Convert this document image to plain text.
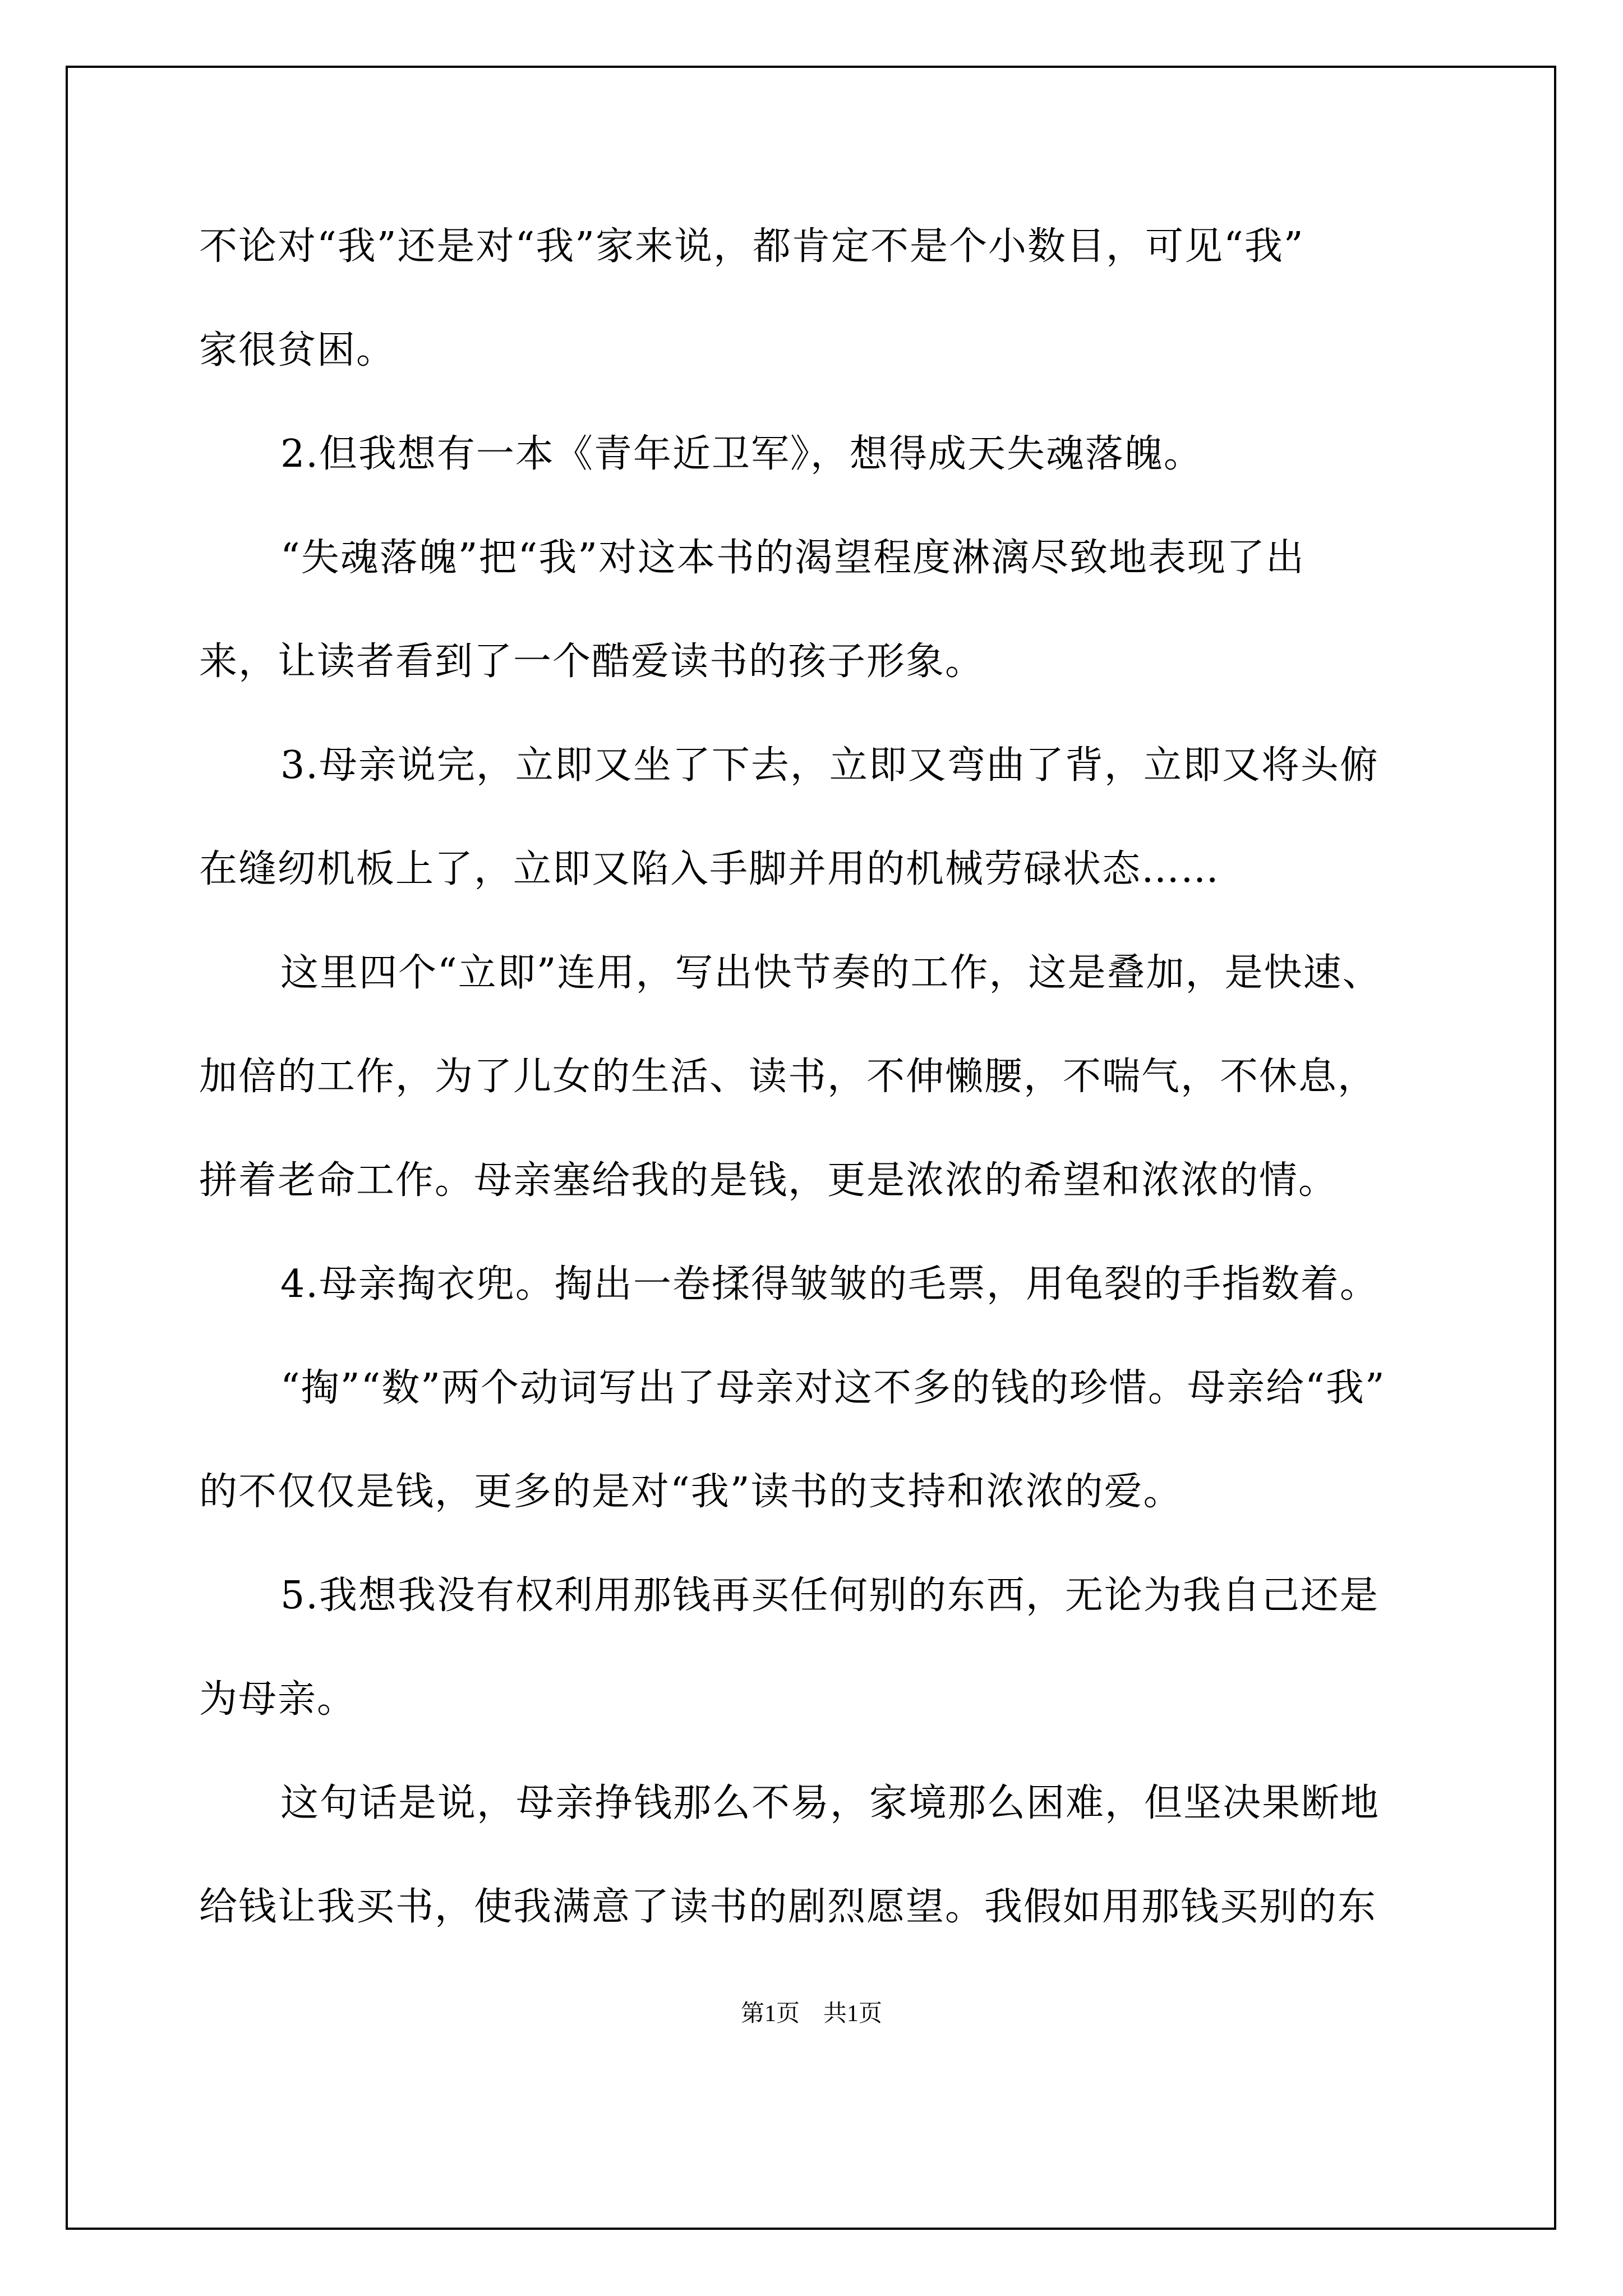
不论对“我”还是对“我”家来说，都肯定不是个小数目，可见“我”
家很贫困。
2.但我想有一本《青年近卫军》，想得成天失魂落魄。
“失魂落魄”把“我”对这本书的渴望程度淋漓尽致地表现了出
来，让读者看到了一个酷爱读书的孩子形象。
3.母亲说完，立即又坐了下去，立即又弯曲了背，立即又将头俯
在缝纫机板上了，立即又陷入手脚并用的机械劳碌状态……
这里四个“立即”连用，写出快节奏的工作，这是叠加，是快速、
加倍的工作，为了儿女的生活、读书，不伸懒腰，不喘气，不休息，
拼着老命工作。母亲塞给我的是钱，更是浓浓的希望和浓浓的情。
4.母亲掏衣兜。掏出一卷揉得皱皱的毛票，用龟裂的手指数着。
“掏”“数”两个动词写出了母亲对这不多的钱的珍惜。母亲给“我”
的不仅仅是钱，更多的是对“我”读书的支持和浓浓的爱。
5.我想我没有权利用那钱再买任何别的东西，无论为我自己还是
为母亲。
这句话是说，母亲挣钱那么不易，家境那么困难，但坚决果断地
给钱让我买书，使我满意了读书的剧烈愿望。我假如用那钱买别的东
第1页　共1页
